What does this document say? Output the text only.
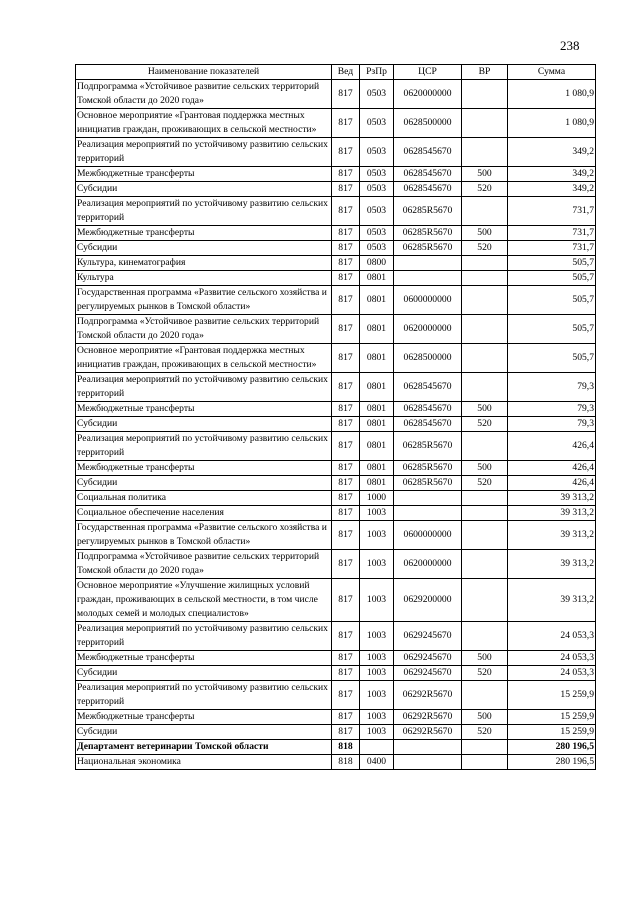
238
Наименование показателей	Вед	РзПр	ЦСР	ВР	Сумма
Подпрограмма «Устойчивое развитие сельских территорий Томской области до 2020 года»	817	0503	0620000000		1 080,9
Основное мероприятие «Грантовая поддержка местных инициатив граждан, проживающих в сельской местности»	817	0503	0628500000		1 080,9
Реализация мероприятий по устойчивому развитию сельских территорий	817	0503	0628545670		349,2
Межбюджетные трансферты	817	0503	0628545670	500	349,2
Субсидии	817	0503	0628545670	520	349,2
Реализация мероприятий по устойчивому развитию сельских территорий	817	0503	06285R5670		731,7
Межбюджетные трансферты	817	0503	06285R5670	500	731,7
Субсидии	817	0503	06285R5670	520	731,7
Культура, кинематография	817	0800			505,7
Культура	817	0801			505,7
Государственная программа «Развитие сельского хозяйства и регулируемых рынков в Томской области»	817	0801	0600000000		505,7
Подпрограмма «Устойчивое развитие сельских территорий Томской области до 2020 года»	817	0801	0620000000		505,7
Основное мероприятие «Грантовая поддержка местных инициатив граждан, проживающих в сельской местности»	817	0801	0628500000		505,7
Реализация мероприятий по устойчивому развитию сельских территорий	817	0801	0628545670		79,3
Межбюджетные трансферты	817	0801	0628545670	500	79,3
Субсидии	817	0801	0628545670	520	79,3
Реализация мероприятий по устойчивому развитию сельских территорий	817	0801	06285R5670		426,4
Межбюджетные трансферты	817	0801	06285R5670	500	426,4
Субсидии	817	0801	06285R5670	520	426,4
Социальная политика	817	1000			39 313,2
Социальное обеспечение населения	817	1003			39 313,2
Государственная программа «Развитие сельского хозяйства и регулируемых рынков в Томской области»	817	1003	0600000000		39 313,2
Подпрограмма «Устойчивое развитие сельских территорий Томской области до 2020 года»	817	1003	0620000000		39 313,2
Основное мероприятие «Улучшение жилищных условий граждан, проживающих в сельской местности, в том числе молодых семей и молодых специалистов»	817	1003	0629200000		39 313,2
Реализация мероприятий по устойчивому развитию сельских территорий	817	1003	0629245670		24 053,3
Межбюджетные трансферты	817	1003	0629245670	500	24 053,3
Субсидии	817	1003	0629245670	520	24 053,3
Реализация мероприятий по устойчивому развитию сельских территорий	817	1003	06292R5670		15 259,9
Межбюджетные трансферты	817	1003	06292R5670	500	15 259,9
Субсидии	817	1003	06292R5670	520	15 259,9
Департамент ветеринарии Томской области	818				280 196,5
Национальная экономика	818	0400			280 196,5
